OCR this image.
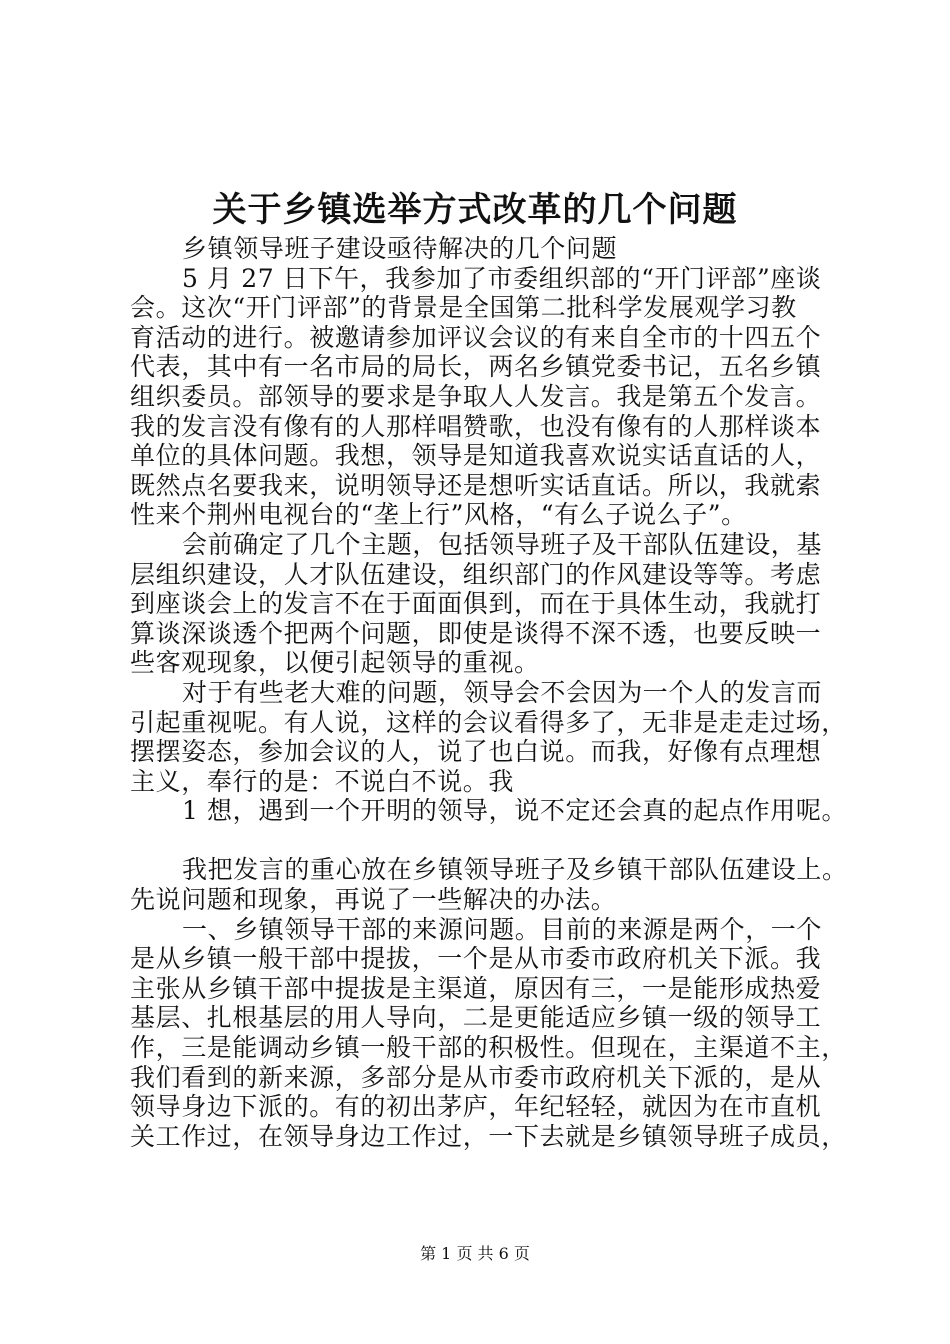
关于乡镇选举方式改革的几个问题
乡镇领导班子建设亟待解决的几个问题
5 月 27 日下午，我参加了市委组织部的“开门评部”座谈
会。这次“开门评部”的背景是全国第二批科学发展观学习教
育活动的进行。被邀请参加评议会议的有来自全市的十四五个
代表，其中有一名市局的局长，两名乡镇党委书记，五名乡镇
组织委员。部领导的要求是争取人人发言。我是第五个发言。
我的发言没有像有的人那样唱赞歌，也没有像有的人那样谈本
单位的具体问题。我想，领导是知道我喜欢说实话直话的人，
既然点名要我来，说明领导还是想听实话直话。所以，我就索
性来个荆州电视台的“垄上行”风格，“有么子说么子”。
会前确定了几个主题，包括领导班子及干部队伍建设，基
层组织建设，人才队伍建设，组织部门的作风建设等等。考虑
到座谈会上的发言不在于面面俱到，而在于具体生动，我就打
算谈深谈透个把两个问题，即使是谈得不深不透，也要反映一
些客观现象，以便引起领导的重视。
对于有些老大难的问题，领导会不会因为一个人的发言而
引起重视呢。有人说，这样的会议看得多了，无非是走走过场，
摆摆姿态，参加会议的人，说了也白说。而我，好像有点理想
主义，奉行的是：不说白不说。我
1 想，遇到一个开明的领导，说不定还会真的起点作用呢。
我把发言的重心放在乡镇领导班子及乡镇干部队伍建设上。
先说问题和现象，再说了一些解决的办法。
一、乡镇领导干部的来源问题。目前的来源是两个，一个
是从乡镇一般干部中提拔，一个是从市委市政府机关下派。我
主张从乡镇干部中提拔是主渠道，原因有三，一是能形成热爱
基层、扎根基层的用人导向，二是更能适应乡镇一级的领导工
作，三是能调动乡镇一般干部的积极性。但现在，主渠道不主，
我们看到的新来源，多部分是从市委市政府机关下派的，是从
领导身边下派的。有的初出茅庐，年纪轻轻，就因为在市直机
关工作过，在领导身边工作过，一下去就是乡镇领导班子成员，
第 1 页 共 6 页
